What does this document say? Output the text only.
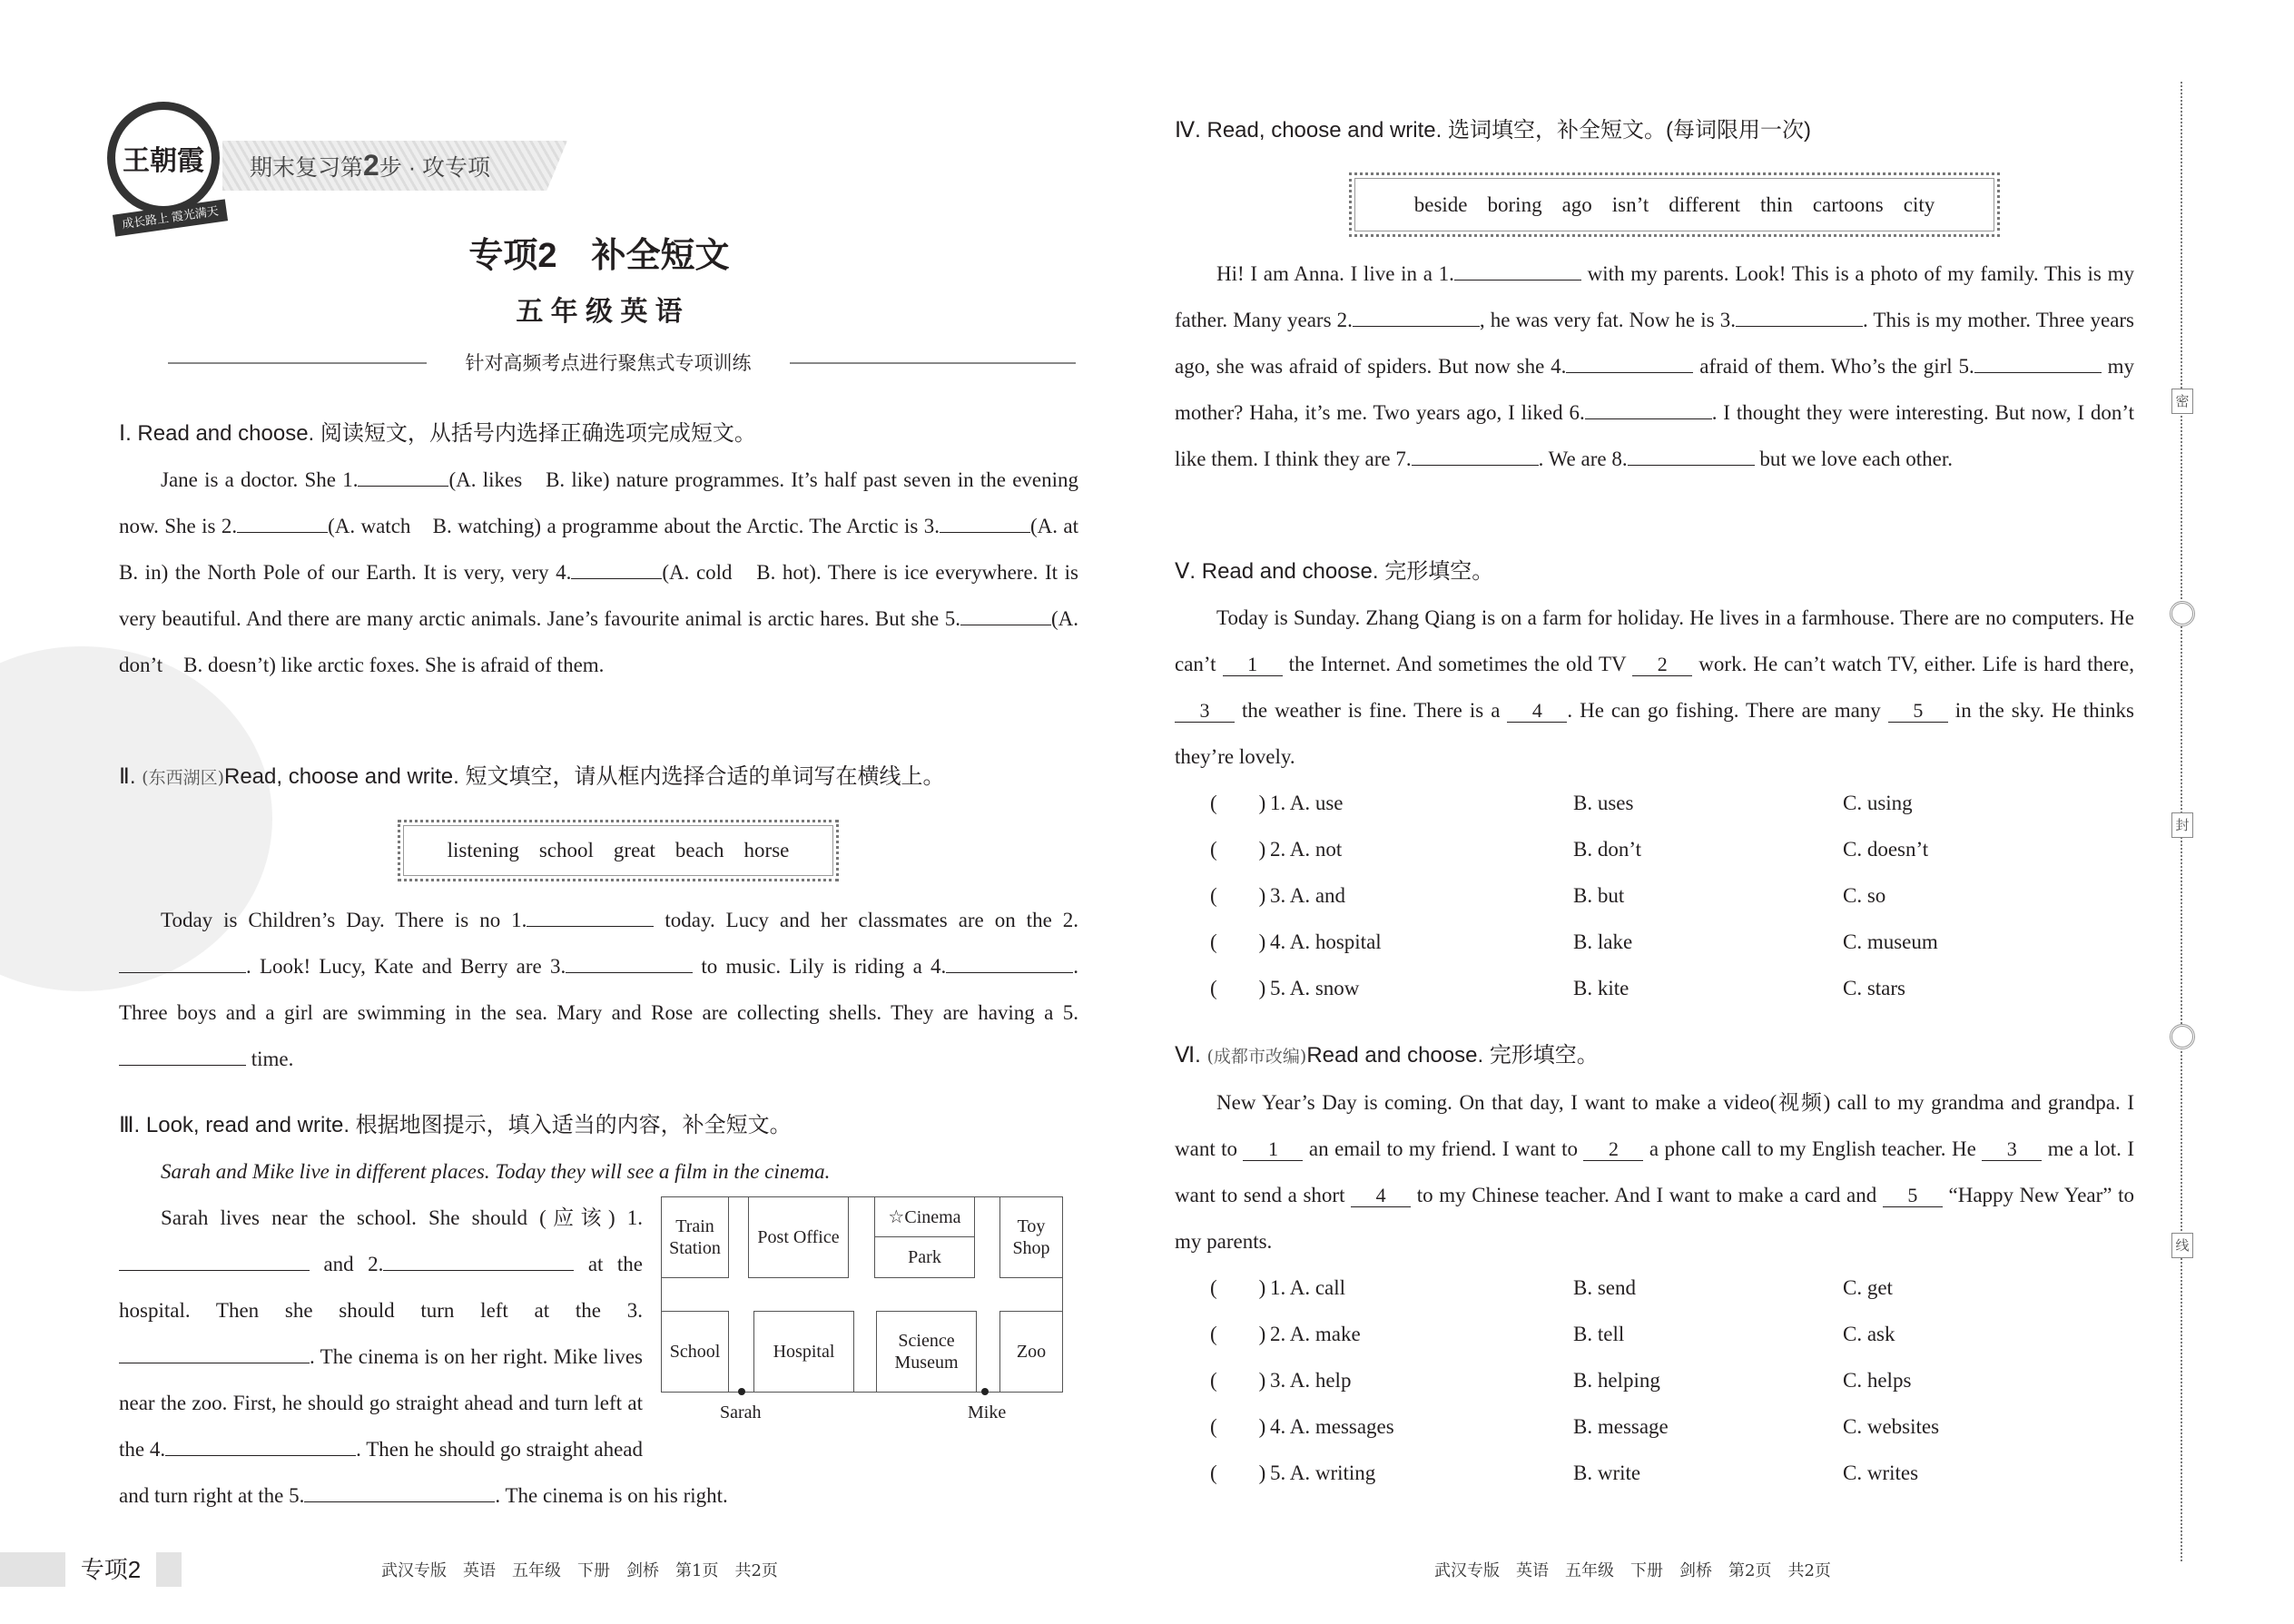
期末复习第2步 · 攻专项
王朝霞
成长路上 霞光满天
专项2　补全短文
五 年 级 英 语
针对高频考点进行聚焦式专项训练

Ⅰ. Read and choose. 阅读短文，从括号内选择正确选项完成短文。

Jane is a doctor. She 1.	(A. likes　B. like) nature programmes. It’s half past seven in the evening now. She is 2.	(A. watch　B. watching) a programme about the Arctic. The Arctic is 3.	(A. at　B. in) the North Pole of our Earth. It is very, very 4.	(A. cold　B. hot). There is ice everywhere. It is very beautiful. And there are many arctic animals. Jane’s favourite animal is arctic hares. But she 5.	(A. don’t　B. doesn’t) like arctic foxes. She is afraid of them.

Ⅱ. (东西湖区)Read, choose and write. 短文填空，请从框内选择合适的单词写在横线上。

listening school great beach horse

Today is Children’s Day. There is no 1.	today. Lucy and her classmates are on the 2.. Look! Lucy, Kate and Berry are 3.	to music. Lily is riding a 4.	. Three boys and a girl are swimming in the sea. Mary and Rose are collecting shells. They are having a 5. time.

Ⅲ. Look, read and write. 根据地图提示，填入适当的内容，补全短文。

Sarah and Mike live in different places. Today they will see a film in the cinema.

Train Station
Post Office
☆Cinema
Park
Toy Shop
School	Hospital
Science Museum
Zoo
Sarah	Mike

Sarah lives near the school. She should (应该) 1. and 2.	at the hospital. Then she should turn left at the 3.. The cinema is on her right. Mike lives near the zoo. First, he should go straight ahead and turn left at the 4.	. Then he should go straight ahead and turn right at the 5.	. The cinema is on his right.

Ⅳ. Read, choose and write. 选词填空，补全短文。(每词限用一次)

beside boring ago isn’t different thin cartoons city

Hi! I am Anna. I live in a 1.	with my parents. Look! This is a photo of my family. This is my father. Many years 2.	, he was very fat. Now he is 3.	. This is my mother. Three years ago, she was afraid of spiders. But now she 4.	afraid of them. Who’s the girl 5.	my mother? Haha, it’s me. Two years ago, I liked 6.	. I thought they were interesting. But now, I don’t like them. I think they are 7.	. We are 8.	but we love each other.

Ⅴ. Read and choose. 完形填空。

Today is Sunday. Zhang Qiang is on a farm for holiday. He lives in a farmhouse. There are no computers. He can’t 1 the Internet. And sometimes the old TV 2 work. He can’t watch TV, either. Life is hard there, 3 the weather is fine. There is a 4 . He can go fishing. There are many 5 in the sky. He thinks they’re lovely.

(　　) 1. A. use	B. uses	C. using
(　　) 2. A. not	B. don’t	C. doesn’t
(　　) 3. A. and	B. but	C. so
(　　) 4. A. hospital	B. lake	C. museum
(　　) 5. A. snow	B. kite	C. stars

Ⅵ. (成都市改编)Read and choose. 完形填空。

New Year’s Day is coming. On that day, I want to make a video(视频) call to my grandma and grandpa. I want to 1 an email to my friend. I want to 2 a phone call to my English teacher. He 3 me a lot. I want to send a short 4 to my Chinese teacher. And I want to make a card and 5 “Happy New Year” to my parents.

(　　) 1. A. call	B. send	C. get
(　　) 2. A. make	B. tell	C. ask
(　　) 3. A. help	B. helping	C. helps
(　　) 4. A. messages	B. message	C. websites
(　　) 5. A. writing	B. write	C. writes
密
封
线
专项2	武汉专版　英语　五年级　下册　剑桥　第1页　共2页	武汉专版　英语　五年级　下册　剑桥　第2页　共2页
